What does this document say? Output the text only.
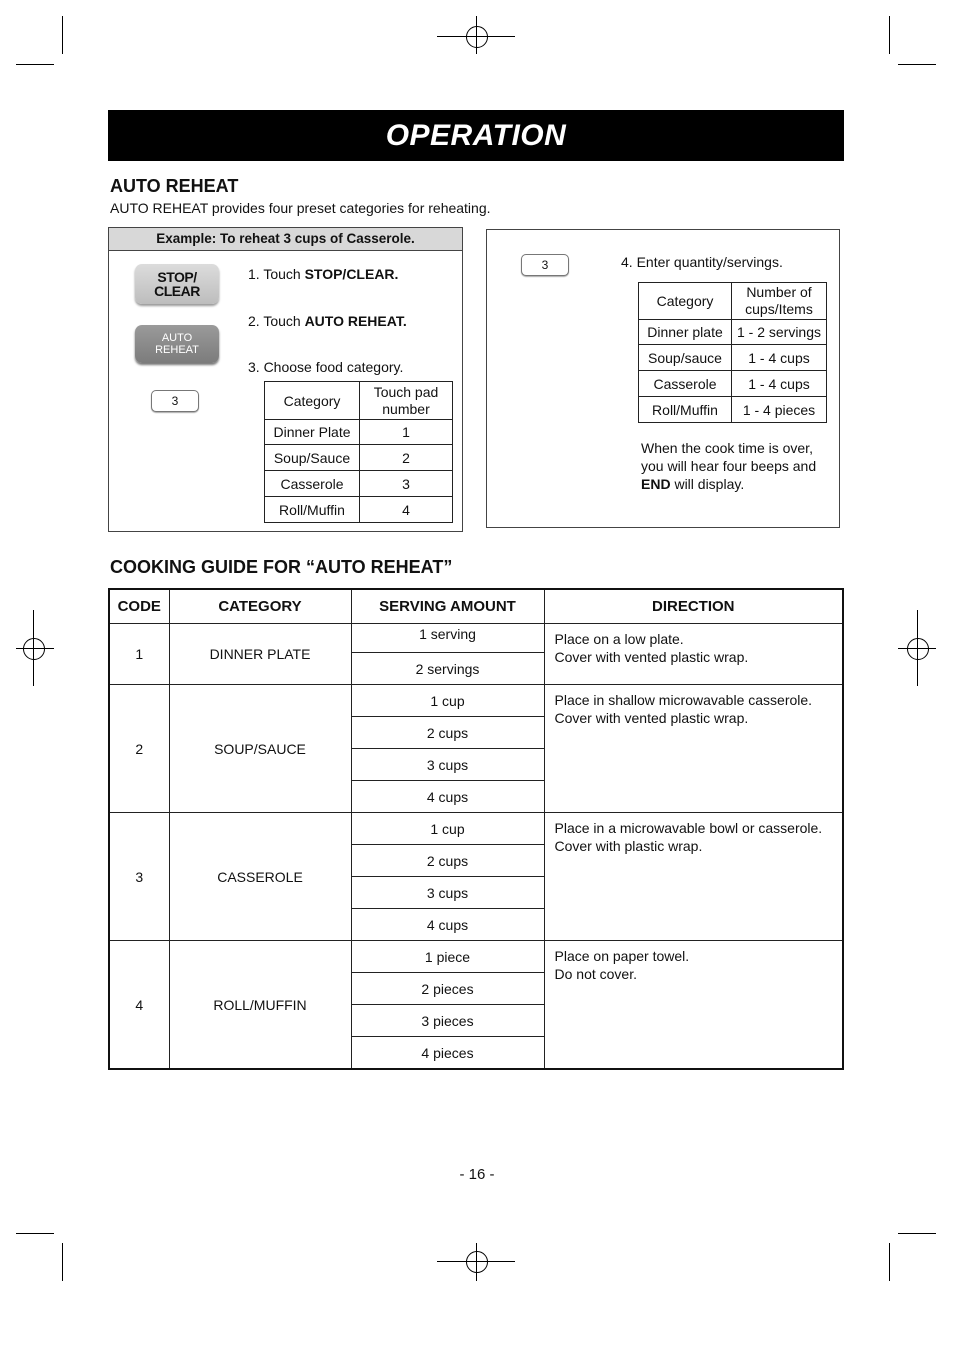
OPERATION
AUTO REHEAT
AUTO REHEAT provides four preset categories for reheating.
Example: To reheat 3 cups of Casserole.
STOP/
CLEAR
AUTO
REHEAT
3
1. Touch STOP/CLEAR.
2. Touch AUTO REHEAT.
3. Choose food category.
Category	Touch pad number
Dinner Plate	1
Soup/Sauce	2
Casserole	3
Roll/Muffin	4
3	4. Enter quantity/servings.
Category	Number of cups/Items
Dinner plate	1 - 2 servings
Soup/sauce	1 - 4 cups
Casserole	1 - 4 cups
Roll/Muffin	1 - 4 pieces
When the cook time is over,
you will hear four beeps and
END will display.
COOKING GUIDE FOR “AUTO REHEAT”
CODE	CATEGORY	SERVING AMOUNT	DIRECTION
1	DINNER PLATE	1 serving	Place on a low plate.
Cover with vented plastic wrap.

		2 servings	
2	SOUP/SAUCE	1 cup	Place in shallow microwavable casserole.
Cover with vented plastic wrap.

		2 cups	
		3 cups	
		4 cups	
3	CASSEROLE	1 cup	Place in a microwavable bowl or casserole.
Cover with plastic wrap.

		2 cups	
		3 cups	
		4 cups	
4	ROLL/MUFFIN	1 piece	Place on paper towel.
Do not cover.

		2 pieces	
		3 pieces	
		4 pieces	
- 16 -
